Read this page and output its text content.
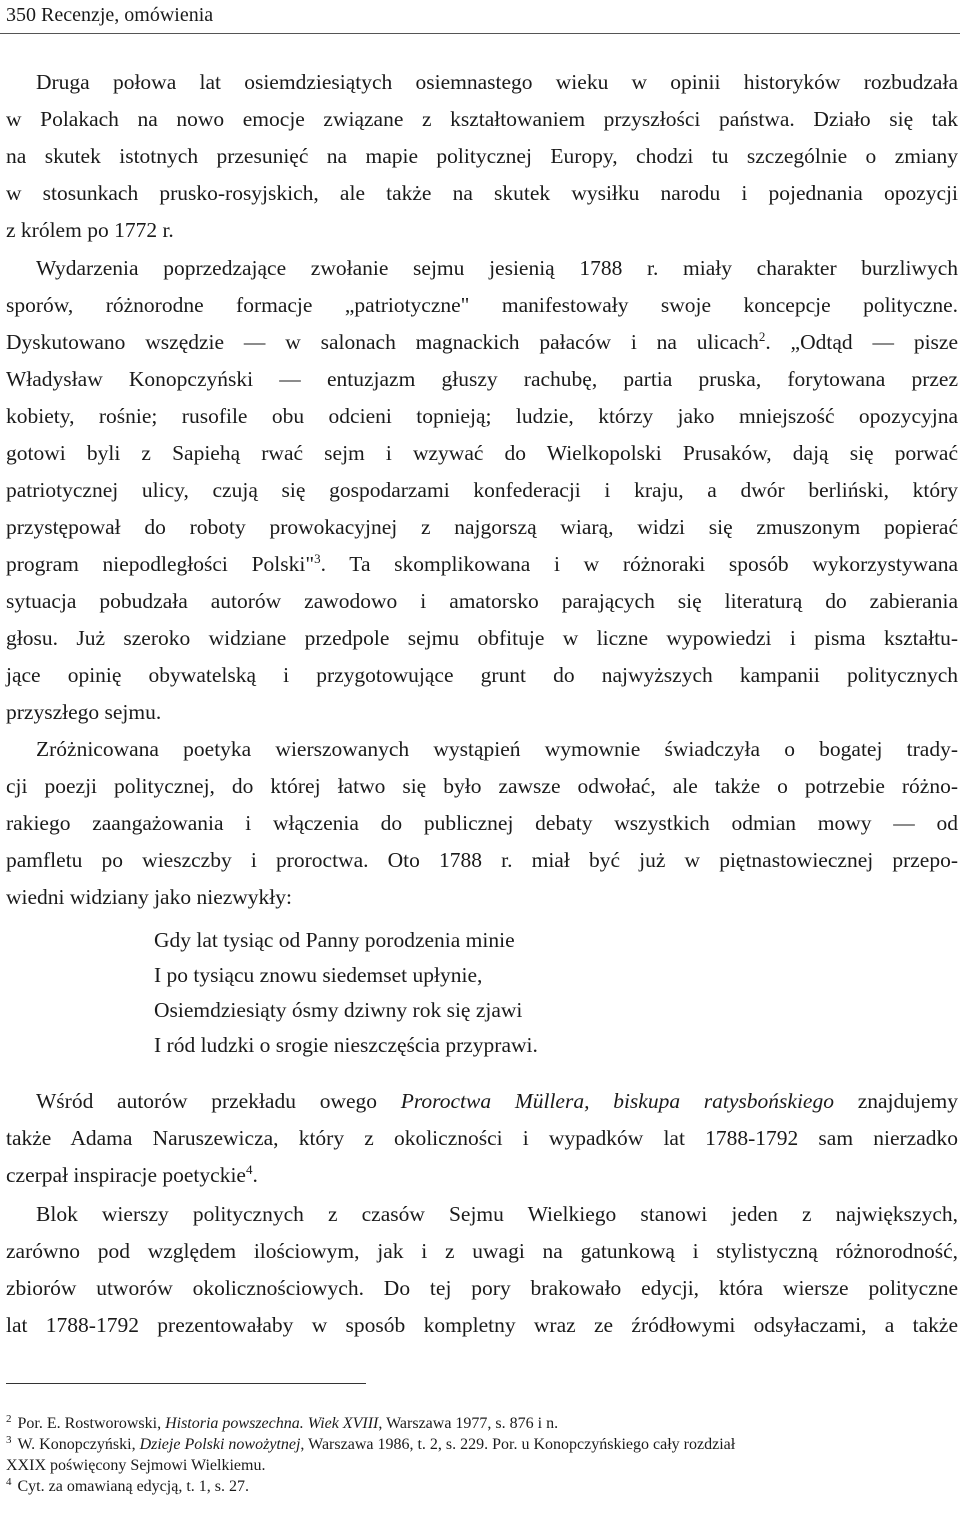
350 Recenzje, omówienia
Druga połowa lat osiemdziesiątych osiemnastego wieku w opinii historyków rozbudzała
w Polakach na nowo emocje związane z kształtowaniem przyszłości państwa. Działo się tak
na skutek istotnych przesunięć na mapie politycznej Europy, chodzi tu szczególnie o zmiany
w stosunkach prusko-rosyjskich, ale także na skutek wysiłku narodu i pojednania opozycji
z królem po 1772 r.
Wydarzenia poprzedzające zwołanie sejmu jesienią 1788 r. miały charakter burzliwych
sporów, różnorodne formacje „patriotyczne" manifestowały swoje koncepcje polityczne.
Dyskutowano wszędzie — w salonach magnackich pałaców i na ulicach$^2$. „Odtąd — pisze
Władysław Konopczyński — entuzjazm głuszy rachubę, partia pruska, forytowana przez
kobiety, rośnie; rusofile obu odcieni topnieją; ludzie, którzy jako mniejszość opozycyjna
gotowi byli z Sapiehą rwać sejm i wzywać do Wielkopolski Prusaków, dają się porwać
patriotycznej ulicy, czują się gospodarzami konfederacji i kraju, a dwór berliński, który
przystępował do roboty prowokacyjnej z najgorszą wiarą, widzi się zmuszonym popierać
program niepodległości Polski"$^3$. Ta skomplikowana i w różnoraki sposób wykorzystywana
sytuacja pobudzała autorów zawodowo i amatorsko parających się literaturą do zabierania
głosu. Już szeroko widziane przedpole sejmu obfituje w liczne wypowiedzi i pisma kształtu-
jące opinię obywatelską i przygotowujące grunt do najwyższych kampanii politycznych
przyszłego sejmu.
Zróżnicowana poetyka wierszowanych wystąpień wymownie świadczyła o bogatej trady-
cji poezji politycznej, do której łatwo się było zawsze odwołać, ale także o potrzebie różno-
rakiego zaangażowania i włączenia do publicznej debaty wszystkich odmian mowy — od
pamfletu po wieszczby i proroctwa. Oto 1788 r. miał być już w piętnastowiecznej przepo-
wiedni widziany jako niezwykły:
Gdy lat tysiąc od Panny porodzenia minie
I po tysiącu znowu siedemset upłynie,
Osiemdziesiąty ósmy dziwny rok się zjawi
I ród ludzki o srogie nieszczęścia przyprawi.
Wśród autorów przekładu owego Proroctwa Müllera, biskupa ratysbońskiego znajdujemy
także Adama Naruszewicza, który z okoliczności i wypadków lat 1788-1792 sam nierzadko
czerpał inspiracje poetyckie$^4$.
Blok wierszy politycznych z czasów Sejmu Wielkiego stanowi jeden z największych,
zarówno pod względem ilościowym, jak i z uwagi na gatunkową i stylistyczną różnorodność,
zbiorów utworów okolicznościowych. Do tej pory brakowało edycji, która wiersze polityczne
lat 1788-1792 prezentowałaby w sposób kompletny wraz ze źródłowymi odsyłaczami, a także
$^2$ Por. E. Rostworowski, Historia powszechna. Wiek XVIII, Warszawa 1977, s. 876 i n.
$^3$ W. Konopczyński, Dzieje Polski nowożytnej, Warszawa 1986, t. 2, s. 229. Por. u Konopczyńskiego cały rozdział
XXIX poświęcony Sejmowi Wielkiemu.
$^4$ Cyt. za omawianą edycją, t. 1, s. 27.
